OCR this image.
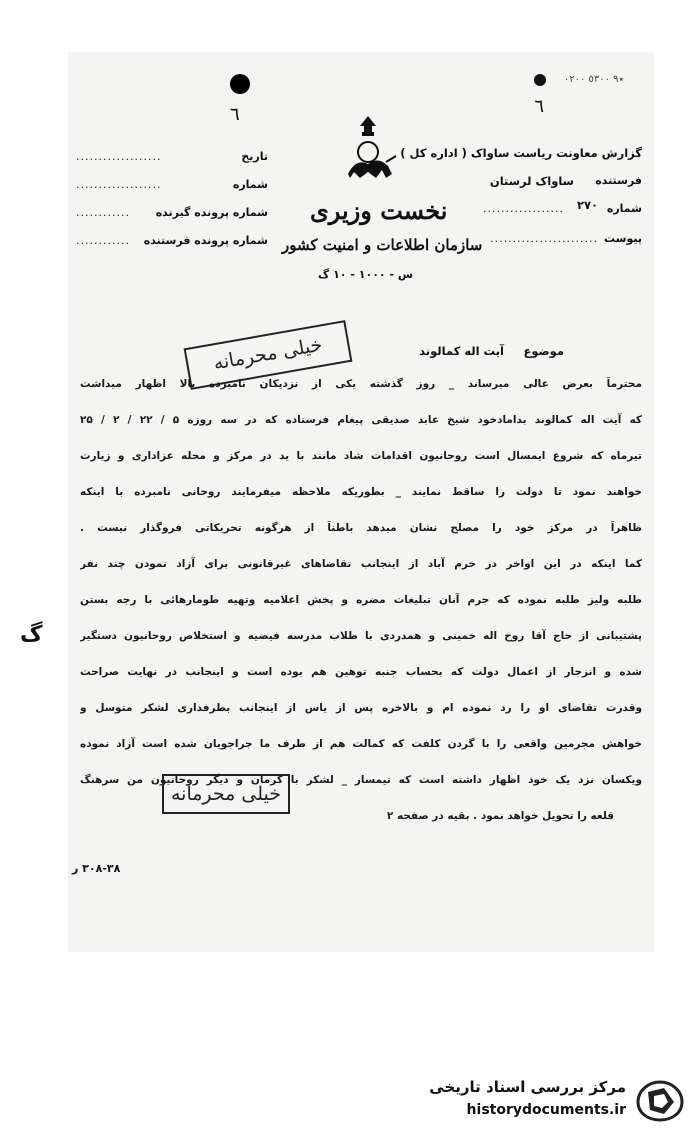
٭٩ ٥٣٠٠ ٠٢٠٠
٦
٦
گزارش معاونت ریاست ساواک ( اداره کل )
فرستنده
ساواک لرستان
شماره
۲۷۰
..................
پیوست
........................
نخست وزیری
سازمان اطلاعات و امنیت کشور
س - ۱۰۰۰ - ۱۰ گ
تاریخ
...................
شماره
...................
شماره پرونده گیرنده
............
شماره پرونده فرستنده
............
موضوع
آیت اله کمالوند
خیلی محرمانه
محترماً بعرض عالی میرساند _ روز گذشته یکی از نزدیکان نامبرده بالا اظهار میداشت
که آیت اله کمالوند بدامادخود شیخ عابد صدیقی پیغام فرستاده که در سه روزه ۵ / ۲۲ / ۲ / ۲۵
تیرماه که شروع ایمسال است روحانیون اقدامات شاد مانند با ید در مرکز و محله عزاداری و زیارت
خواهند نمود تا دولت را ساقط نمایند _ بطوریکه ملاحظه میفرمایند روحانی نامبرده با اینکه
ظاهراً در مرکز خود را مصلح نشان میدهد باطناً از هرگونه تحریکاتی فروگذار نیست .
کما اینکه در این اواخر در خرم آباد از اینجانب تقاضاهای غیرقانونی برای آزاد نمودن چند نفر
طلبه ولیز طلبه نموده که جرم آنان تبلیغات مضره و پخش اعلامیه وتهیه طومارهائی با رجه بستن
پشتیبانی از حاج آقا روح اله خمینی و همدردی با طلاب مدرسه فیضیه و استخلاص روحانیون دستگیر
شده و انزجار از اعمال دولت که بحساب جنبه توهین هم بوده است و اینجانب در نهایت صراحت
وقدرت تقاضای او را رد نموده ام و بالاخره پس از یاس از اینجانب بطرفداری لشکر متوسل و
خواهش مجرمین واقعی را با گردن کلفت که کمالت هم از طرف ما جراجویان شده است آزاد نموده
ویکسان نزد یک خود اظهار داشته است که تیمسار _ لشکر با کرمان و دیگر روحانیون من سرهنگ
قلعه را تحویل خواهد نمود . بقیه در صفحه ۲
گ
خیلی محرمانه
۳۰۸-۳۸ ر
مرکز بررسی اسناد تاریخی
historydocuments.ir
